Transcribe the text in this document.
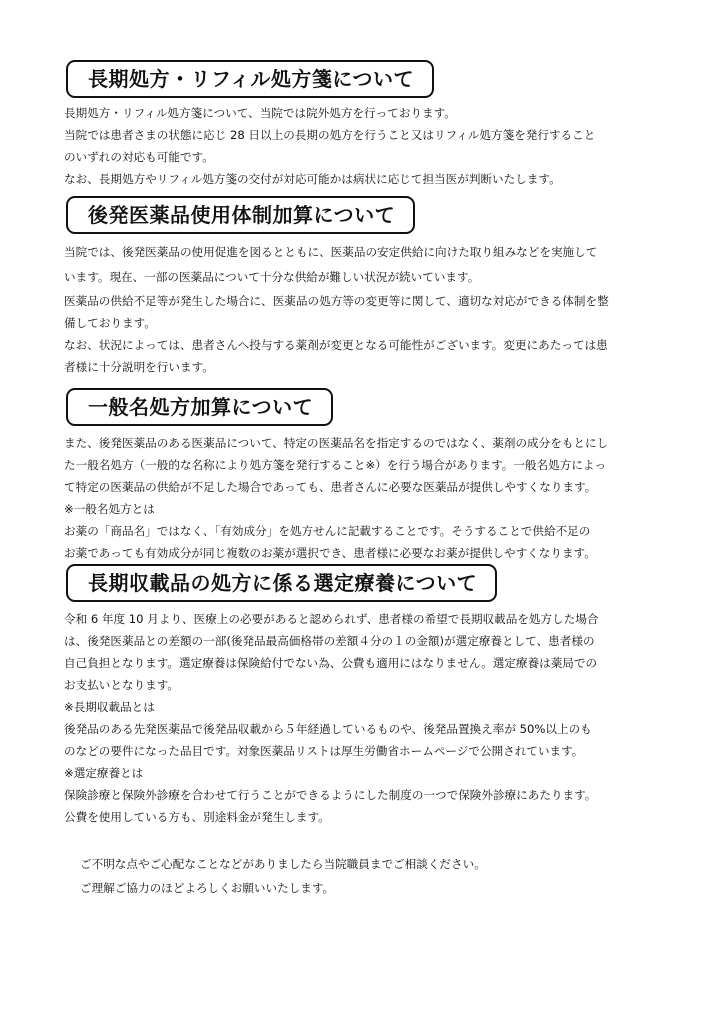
長期処方・リフィル処方箋について

長期処方・リフィル処方箋について、当院では院外処方を行っております。

当院では患者さまの状態に応じ 28 日以上の長期の処方を行うこと又はリフィル処方箋を発行すること

のいずれの対応も可能です。

なお、長期処方やリフィル処方箋の交付が対応可能かは病状に応じて担当医が判断いたします。

後発医薬品使用体制加算について

当院では、後発医薬品の使用促進を図るとともに、医薬品の安定供給に向けた取り組みなどを実施して

います。現在、一部の医薬品について十分な供給が難しい状況が続いています。

医薬品の供給不足等が発生した場合に、医薬品の処方等の変更等に関して、適切な対応ができる体制を整

備しております。

なお、状況によっては、患者さんへ投与する薬剤が変更となる可能性がございます。変更にあたっては患

者様に十分説明を行います。

一般名処方加算について

また、後発医薬品のある医薬品について、特定の医薬品名を指定するのではなく、薬剤の成分をもとにし

た一般名処方（一般的な名称により処方箋を発行すること※）を行う場合があります。一般名処方によっ

て特定の医薬品の供給が不足した場合であっても、患者さんに必要な医薬品が提供しやすくなります。

※一般名処方とは

お薬の「商品名」ではなく、「有効成分」を処方せんに記載することです。そうすることで供給不足の

お薬であっても有効成分が同じ複数のお薬が選択でき、患者様に必要なお薬が提供しやすくなります。

長期収載品の処方に係る選定療養について

令和 6 年度 10 月より、医療上の必要があると認められず、患者様の希望で長期収載品を処方した場合

は、後発医薬品との差額の一部(後発品最高価格帯の差額４分の１の金額)が選定療養として、患者様の

自己負担となります。選定療養は保険給付でない為、公費も適用にはなりません。選定療養は薬局での

お支払いとなります。

※長期収載品とは

後発品のある先発医薬品で後発品収載から５年経過しているものや、後発品置換え率が 50%以上のも

のなどの要件になった品目です。対象医薬品リストは厚生労働省ホームページで公開されています。

※選定療養とは

保険診療と保険外診療を合わせて行うことができるようにした制度の一つで保険外診療にあたります。

公費を使用している方も、別途料金が発生します。

ご不明な点やご心配なことなどがありましたら当院職員までご相談ください。

ご理解ご協力のほどよろしくお願いいたします。
